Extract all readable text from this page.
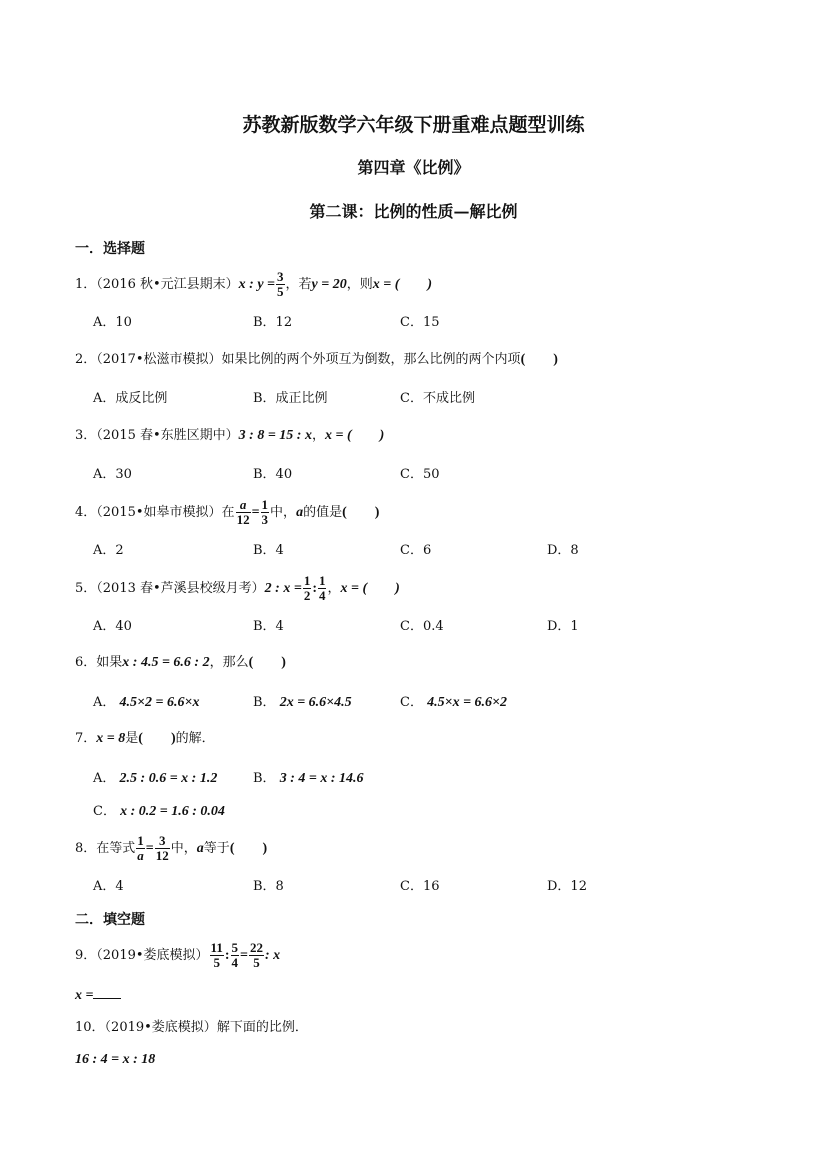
苏教新版数学六年级下册重难点题型训练
第四章《比例》
第二课：比例的性质—解比例
一．选择题
1．（2016 秋•元江县期末）x : $y = \frac{3}{5}$ ，若y = 20，则x = (　　)
A．10	B．12	C．15
2．（2017•松滋市模拟）如果比例的两个外项互为倒数，那么比例的两个内项(　　)
A．成反比例	B．成正比例	C．不成比例
3．（2015 春•东胜区期中）3 : 8 = 15 : x，x = (　　)
A．30	B．40	C．50
4．（2015•如皋市模拟）在 $\frac{a}{12} = \frac{1}{3}$ 中，a的值是(　　)
A．2	B．4	C．6	D．8
5．（2013 春•芦溪县校级月考）2 : $x = \frac{1}{2}$ : $\frac{1}{4}$ ，x = (　　)
A．40	B．4	C．0.4	D．1
6．如果x : 4.5 = 6.6 : 2，那么(　　)
A． 4.5×2 = 6.6×x	B． 2x = 6.6×4.5	C． 4.5×x = 6.6×2
7．x = 8是(　　)的解．
A． 2.5 : 0.6 = x : 1.2	B． 3 : 4 = x : 14.6
C． x : 0.2 = 1.6 : 0.04
8．在等式 $\frac{1}{a} = \frac{3}{12}$ 中，a等于(　　)
A．4	B．8	C．16	D．12
二．填空题
9．（2019•娄底模拟） $\frac{11}{5}$ : $\frac{5}{4} = \frac{22}{5}$ : x
x =
10．（2019•娄底模拟）解下面的比例．
16 : 4 = x : 18
